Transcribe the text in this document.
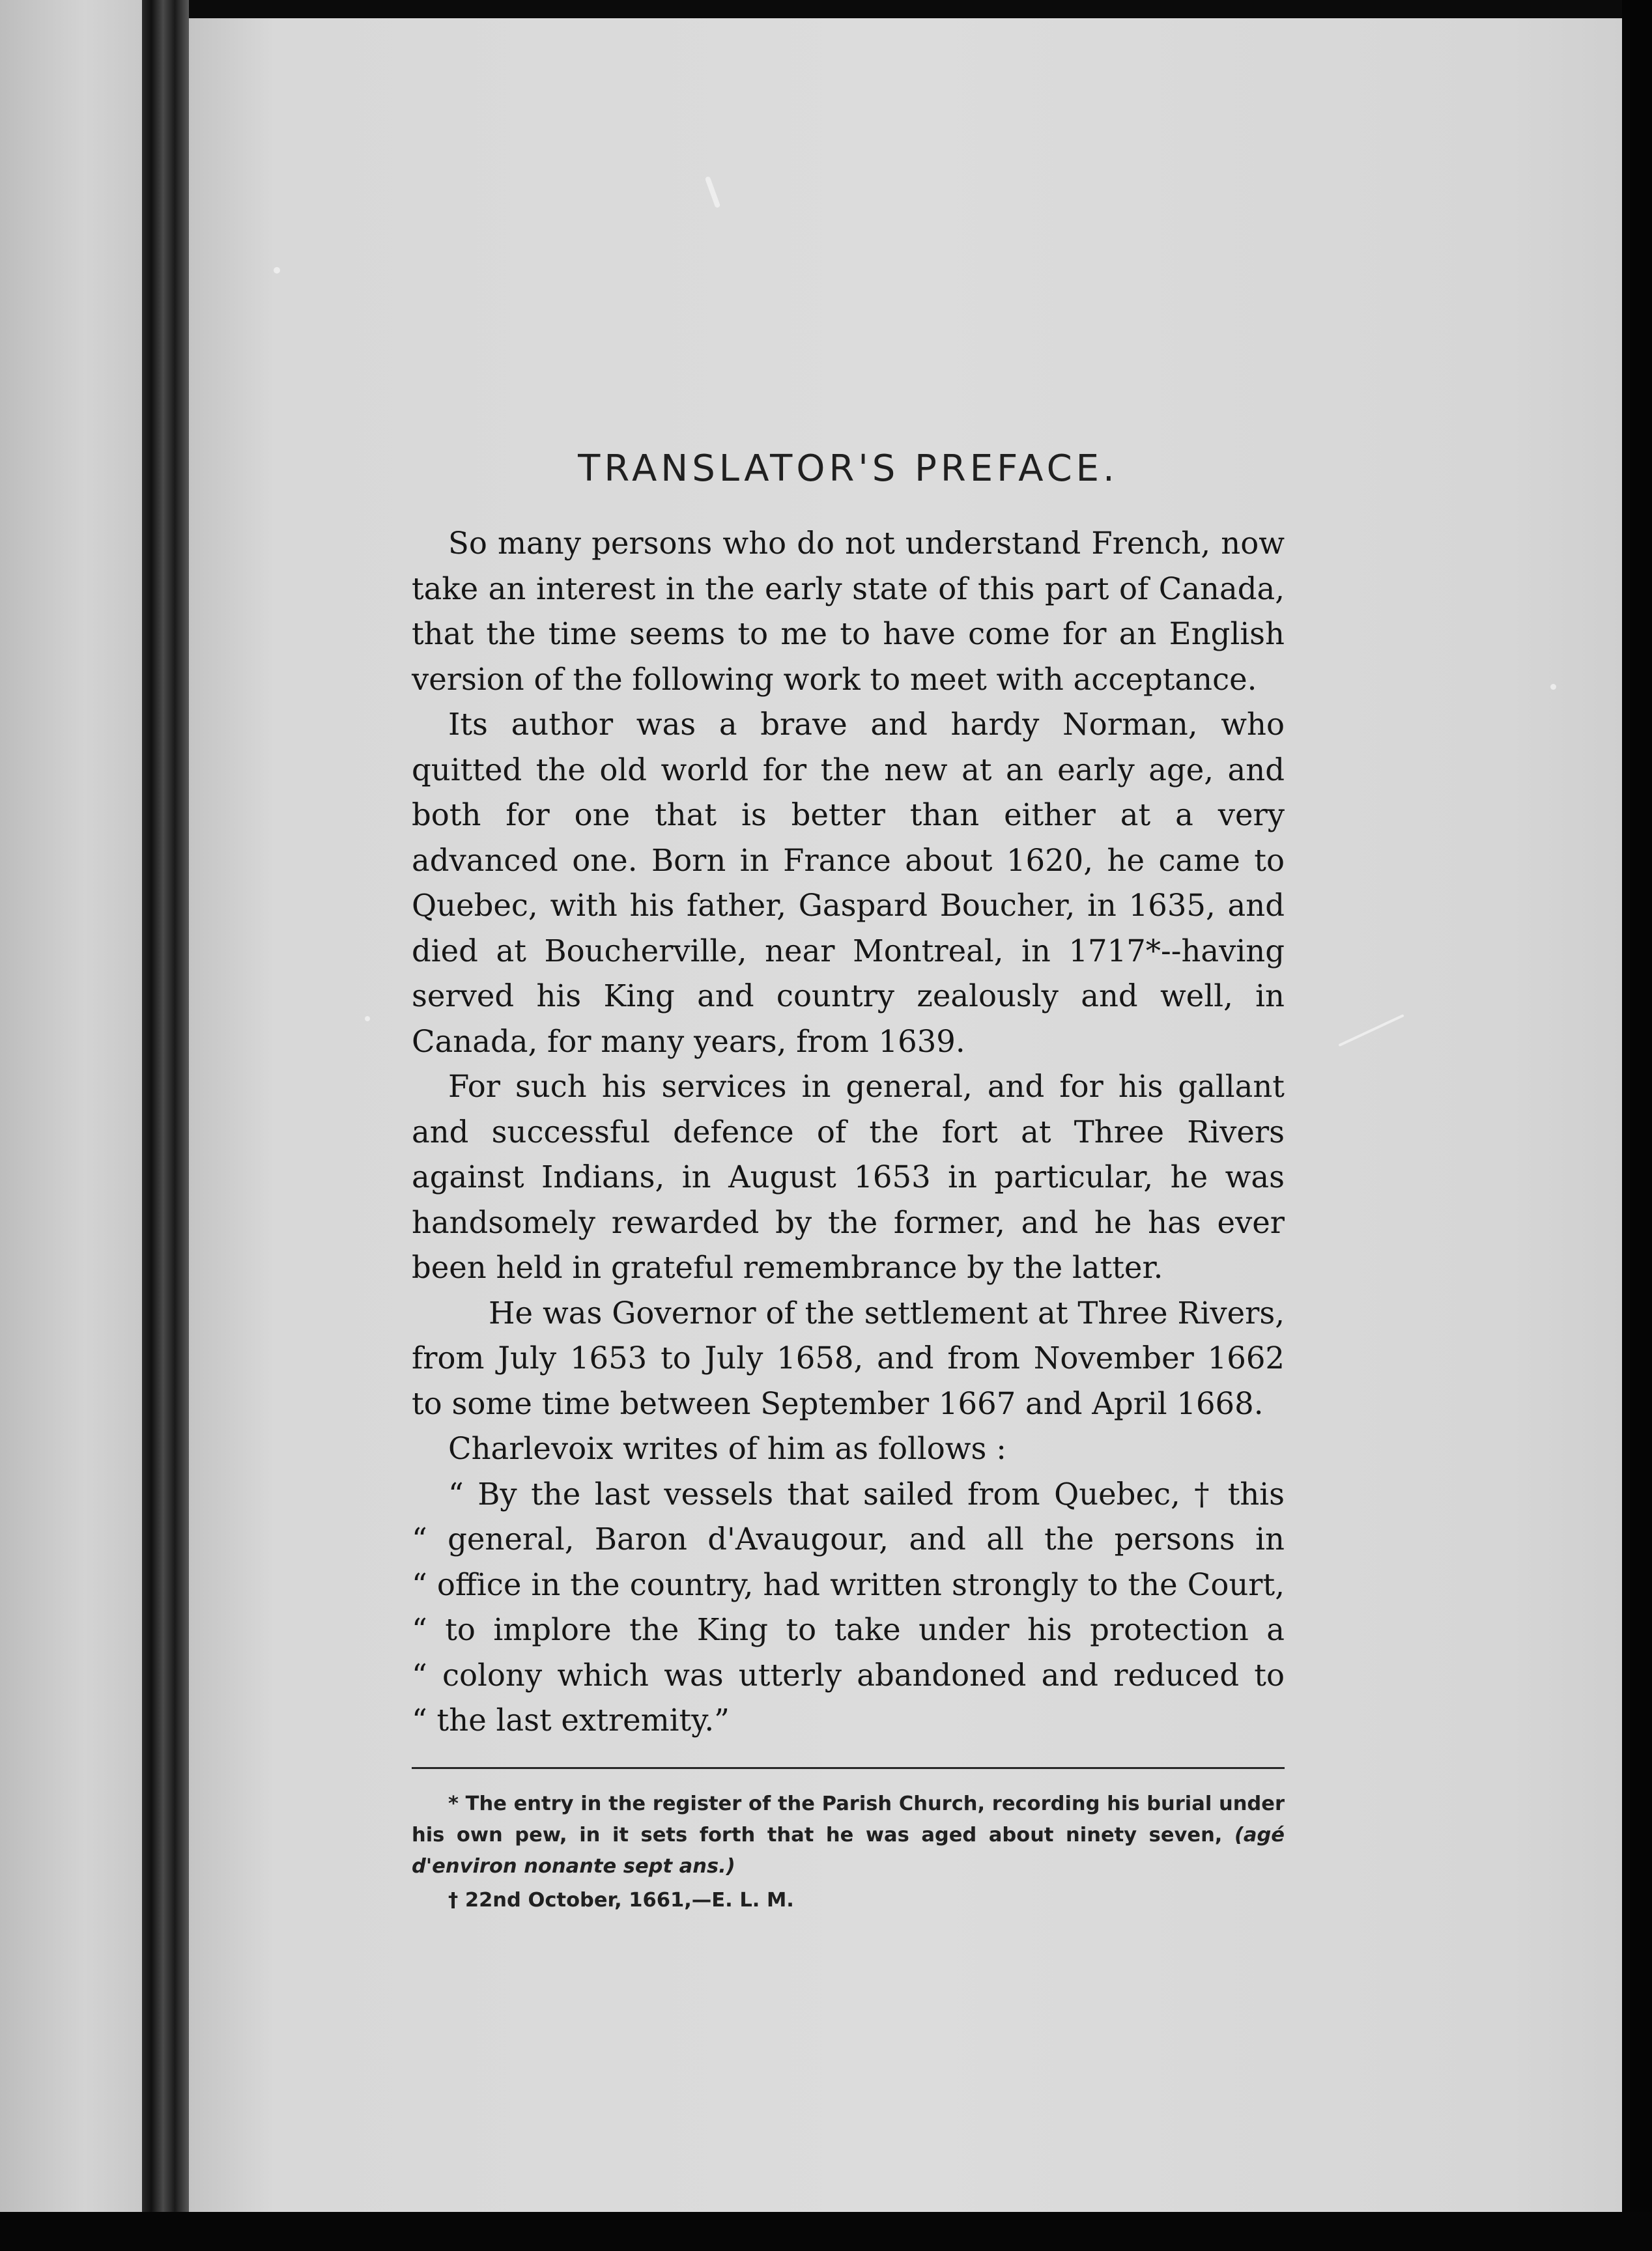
TRANSLATOR'S PREFACE.

So many persons who do not understand French, now take an interest in the early state of this part of Canada, that the time seems to me to have come for an English version of the following work to meet with acceptance.

Its author was a brave and hardy Norman, who quitted the old world for the new at an early age, and both for one that is better than either at a very advanced one. Born in France about 1620, he came to Quebec, with his father, Gaspard Boucher, in 1635, and died at Boucherville, near Montreal, in 1717*--having served his King and country zealously and well, in Canada, for many years, from 1639.

For such his services in general, and for his gallant and successful defence of the fort at Three Rivers against Indians, in August 1653 in particular, he was handsomely rewarded by the former, and he has ever been held in grateful remembrance by the latter.

He was Governor of the settlement at Three Rivers, from July 1653 to July 1658, and from November 1662 to some time between September 1667 and April 1668.

Charlevoix writes of him as follows :

“ By the last vessels that sailed from Quebec, † this
“ general, Baron d'Avaugour, and all the persons in
“ office in the country, had written strongly to the Court,
“ to implore the King to take under his protection a
“ colony which was utterly abandoned and reduced to
“ the last extremity.”

* The entry in the register of the Parish Church, recording his burial under his own pew, in it sets forth that he was aged about ninety seven, (agé d'environ nonante sept ans.)

† 22nd October, 1661,—E. L. M.
